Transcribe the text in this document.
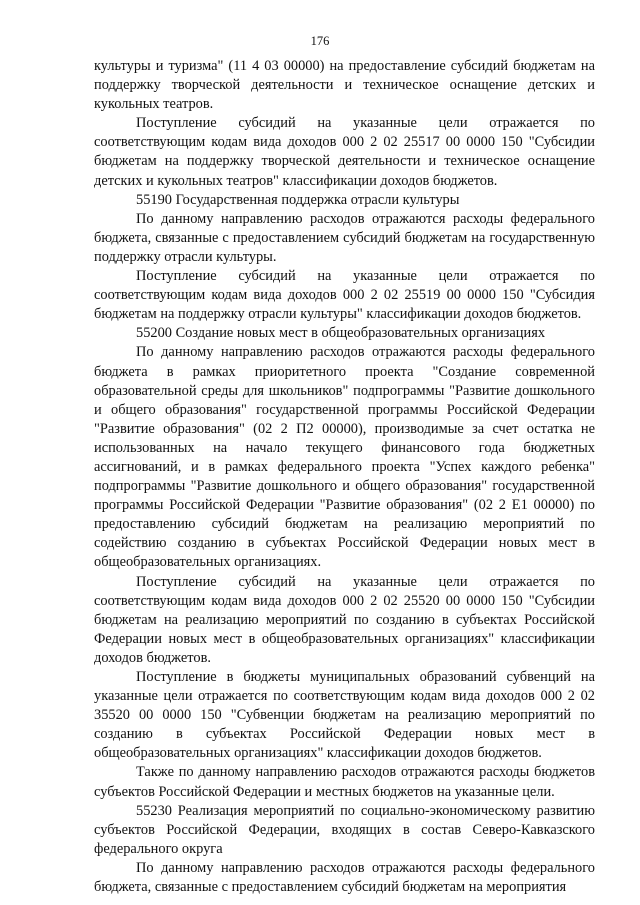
176

культуры и туризма" (11 4 03 00000) на предоставление субсидий бюджетам на поддержку творческой деятельности и техническое оснащение детских и кукольных театров.

Поступление субсидий на указанные цели отражается по соответствующим кодам вида доходов 000 2 02 25517 00 0000 150 "Субсидии бюджетам на поддержку творческой деятельности и техническое оснащение детских и кукольных театров" классификации доходов бюджетов.

55190 Государственная поддержка отрасли культуры

По данному направлению расходов отражаются расходы федерального бюджета, связанные с предоставлением субсидий бюджетам на государственную поддержку отрасли культуры.

Поступление субсидий на указанные цели отражается по соответствующим кодам вида доходов 000 2 02 25519 00 0000 150 "Субсидия бюджетам на поддержку отрасли культуры" классификации доходов бюджетов.

55200 Создание новых мест в общеобразовательных организациях

По данному направлению расходов отражаются расходы федерального бюджета в рамках приоритетного проекта "Создание современной образовательной среды для школьников" подпрограммы "Развитие дошкольного и общего образования" государственной программы Российской Федерации "Развитие образования" (02 2 П2 00000), производимые за счет остатка не использованных на начало текущего финансового года бюджетных ассигнований, и в рамках федерального проекта "Успех каждого ребенка" подпрограммы "Развитие дошкольного и общего образования" государственной программы Российской Федерации "Развитие образования" (02 2 Е1 00000) по предоставлению субсидий бюджетам на реализацию мероприятий по содействию созданию в субъектах Российской Федерации новых мест в общеобразовательных организациях.

Поступление субсидий на указанные цели отражается по соответствующим кодам вида доходов 000 2 02 25520 00 0000 150 "Субсидии бюджетам на реализацию мероприятий по созданию в субъектах Российской Федерации новых мест в общеобразовательных организациях" классификации доходов бюджетов.

Поступление в бюджеты муниципальных образований субвенций на указанные цели отражается по соответствующим кодам вида доходов 000 2 02 35520 00 0000 150 "Субвенции бюджетам на реализацию мероприятий по созданию в субъектах Российской Федерации новых мест в общеобразовательных организациях" классификации доходов бюджетов.

Также по данному направлению расходов отражаются расходы бюджетов субъектов Российской Федерации и местных бюджетов на указанные цели.

55230 Реализация мероприятий по социально-экономическому развитию субъектов Российской Федерации, входящих в состав Северо-Кавказского федерального округа

По данному направлению расходов отражаются расходы федерального бюджета, связанные с предоставлением субсидий бюджетам на мероприятия
